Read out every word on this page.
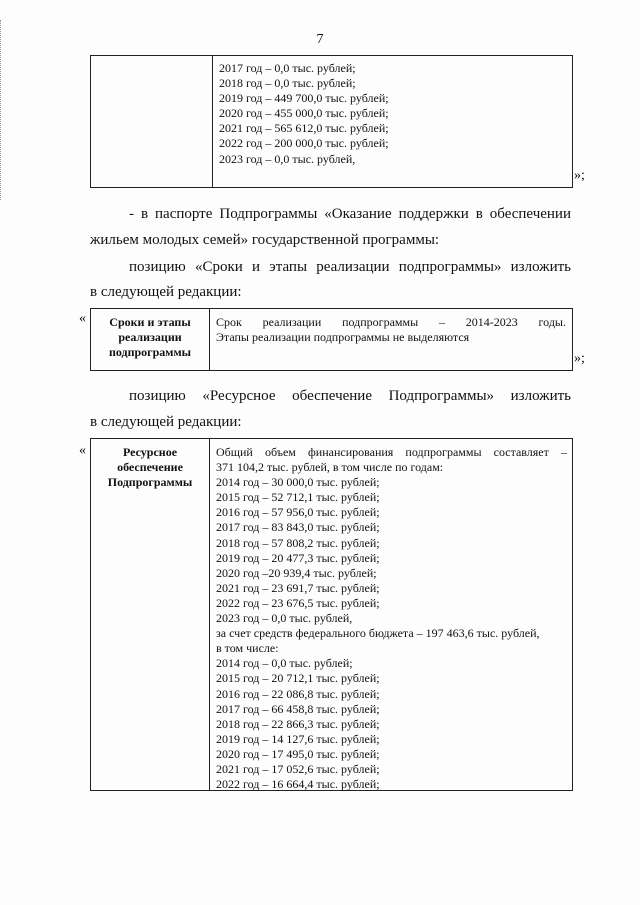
7
2017 год – 0,0 тыс. рублей;
2018 год – 0,0 тыс. рублей;
2019 год – 449 700,0 тыс. рублей;
2020 год – 455 000,0 тыс. рублей;
2021 год – 565 612,0 тыс. рублей;
2022 год – 200 000,0 тыс. рублей;
2023 год – 0,0 тыс. рублей,
»;
- в паспорте Подпрограммы «Оказание поддержки в обеспечении
жильем молодых семей» государственной программы:
позицию «Сроки и этапы реализации подпрограммы» изложить
в следующей редакции:
«	Сроки и этапы
реализации
подпрограммы
Срок реализации подпрограммы – 2014-2023 годы.
Этапы реализации подпрограммы не выделяются
»;
позицию «Ресурсное обеспечение Подпрограммы» изложить
в следующей редакции:
«	Ресурсное
обеспечение
Подпрограммы
Общий объем финансирования подпрограммы составляет –
371 104,2 тыс. рублей, в том числе по годам:
2014 год – 30 000,0 тыс. рублей;
2015 год – 52 712,1 тыс. рублей;
2016 год – 57 956,0 тыс. рублей;
2017 год – 83 843,0 тыс. рублей;
2018 год – 57 808,2 тыс. рублей;
2019 год – 20 477,3 тыс. рублей;
2020 год –20 939,4 тыс. рублей;
2021 год – 23 691,7 тыс. рублей;
2022 год – 23 676,5 тыс. рублей;
2023 год – 0,0 тыс. рублей,
за счет средств федерального бюджета – 197 463,6 тыс. рублей,
в том числе:
2014 год – 0,0 тыс. рублей;
2015 год – 20 712,1 тыс. рублей;
2016 год – 22 086,8 тыс. рублей;
2017 год – 66 458,8 тыс. рублей;
2018 год – 22 866,3 тыс. рублей;
2019 год – 14 127,6 тыс. рублей;
2020 год – 17 495,0 тыс. рублей;
2021 год – 17 052,6 тыс. рублей;
2022 год – 16 664,4 тыс. рублей;
